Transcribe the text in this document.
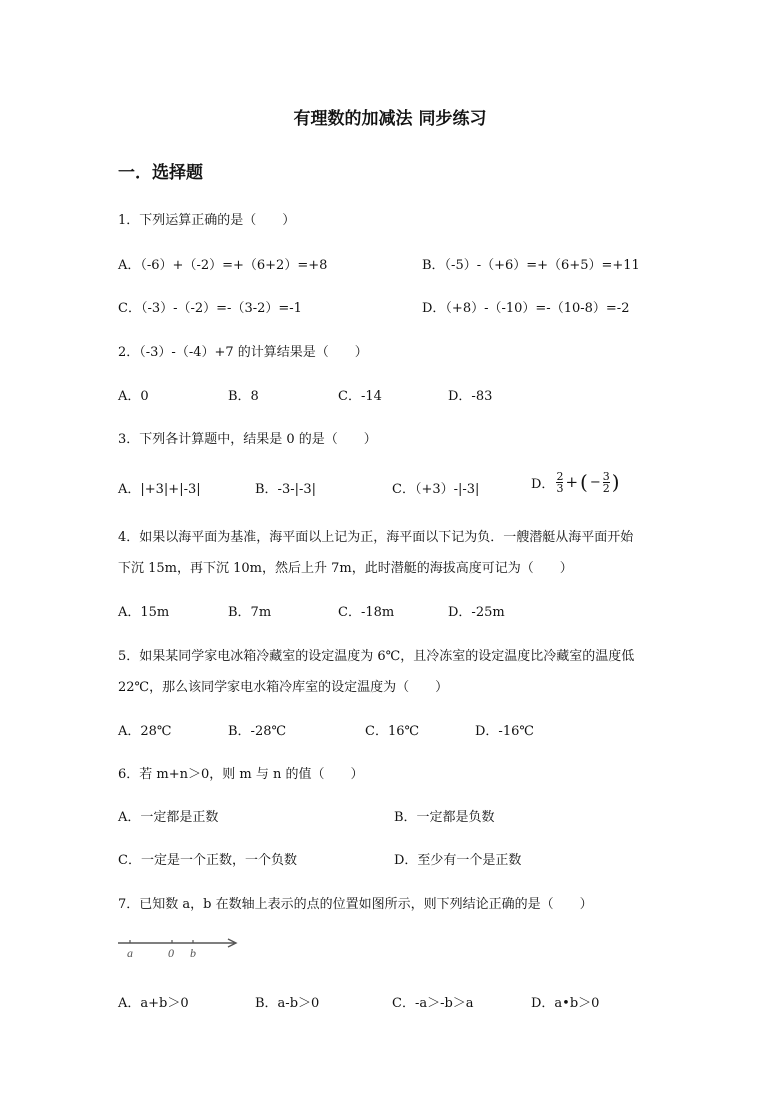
有理数的加减法 同步练习
一．选择题
1．下列运算正确的是（　　）
A．（-6）+（-2）=+（6+2）=+8	B．（-5）-（+6）=+（6+5）=+11
C．（-3）-（-2）=-（3-2）=-1	D．（+8）-（-10）=-（10-8）=-2
2．（-3）-（-4）+7 的计算结果是（　　）
A．0	B．8	C．-14	D．-83
3．下列各计算题中，结果是 0 的是（　　）
A．|+3|+|-3|	B．-3-|-3|	C．（+3）-|-3|	D． $\frac{2}{3}$ + ( − $\frac{3}{2}$ )
4．如果以海平面为基准，海平面以上记为正，海平面以下记为负．一艘潜艇从海平面开始
下沉 15m，再下沉 10m，然后上升 7m，此时潜艇的海拔高度可记为（　　）
A．15m	B．7m	C．-18m	D．-25m
5．如果某同学家电冰箱冷藏室的设定温度为 6℃，且冷冻室的设定温度比冷藏室的温度低
22℃，那么该同学家电水箱冷库室的设定温度为（　　）
A．28℃	B．-28℃	C．16℃	D．-16℃
6．若 m+n＞0，则 m 与 n 的值（　　）
A．一定都是正数	B．一定都是负数
C．一定是一个正数，一个负数	D．至少有一个是正数
7．已知数 a，b 在数轴上表示的点的位置如图所示，则下列结论正确的是（　　）
a	0 b
A．a+b＞0	B．a-b＞0	C．-a＞-b＞a	D．a•b＞0
